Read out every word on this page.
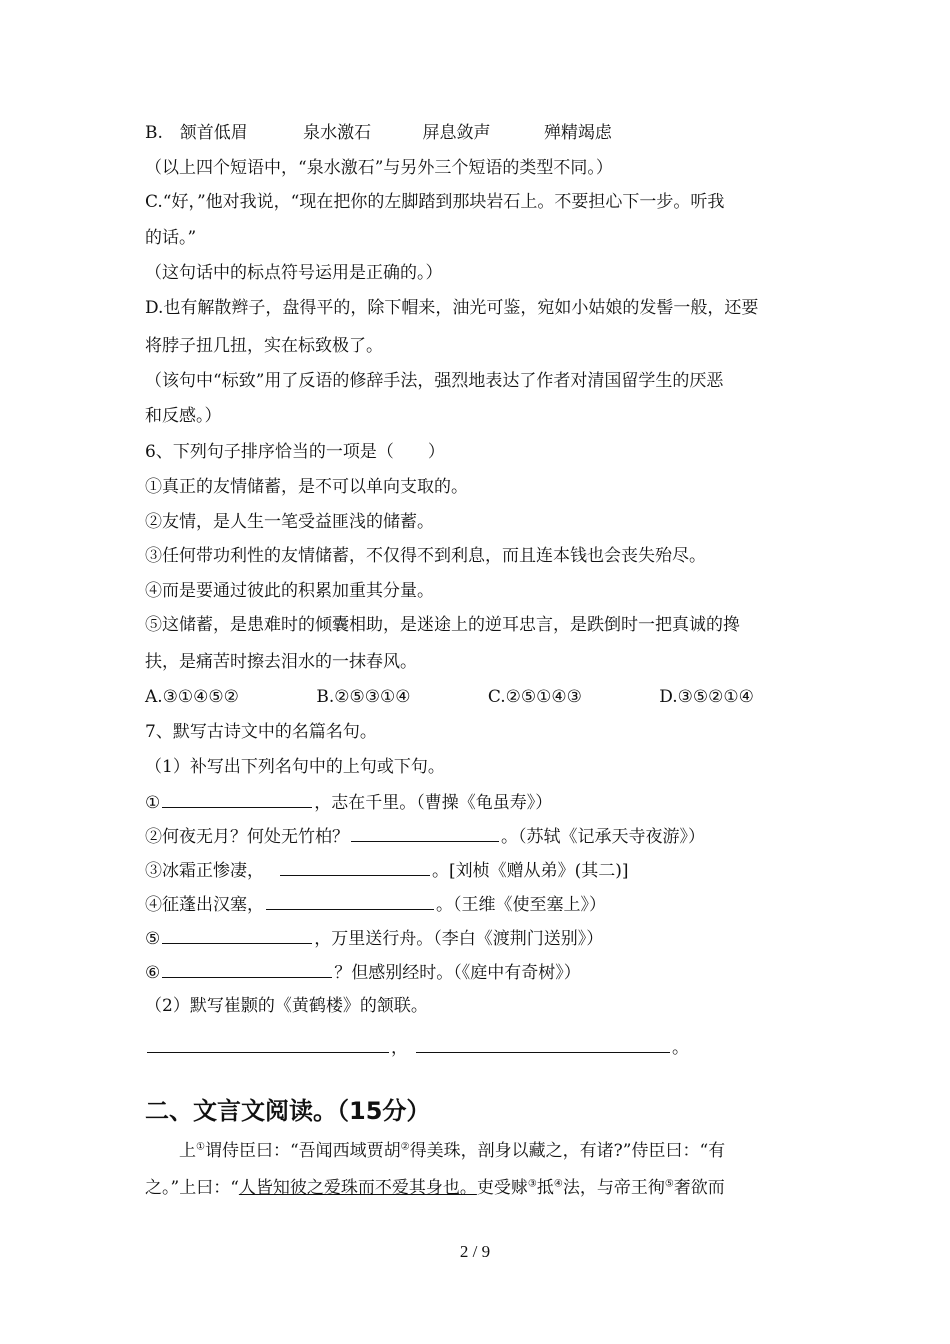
B. 颔首低眉	泉水激石	屏息敛声	殚精竭虑
（以上四个短语中，“泉水激石”与另外三个短语的类型不同。）
C.“好，”他对我说，“现在把你的左脚踏到那块岩石上。不要担心下一步。听我
的话。”
（这句话中的标点符号运用是正确的。）
D.也有解散辫子，盘得平的，除下帽来，油光可鉴，宛如小姑娘的发髻一般，还要
将脖子扭几扭，实在标致极了。
（该句中“标致”用了反语的修辞手法，强烈地表达了作者对清国留学生的厌恶
和反感。）
6、下列句子排序恰当的一项是（　　）
①真正的友情储蓄，是不可以单向支取的。
②友情，是人生一笔受益匪浅的储蓄。
③任何带功利性的友情储蓄，不仅得不到利息，而且连本钱也会丧失殆尽。
④而是要通过彼此的积累加重其分量。
⑤这储蓄，是患难时的倾囊相助，是迷途上的逆耳忠言，是跌倒时一把真诚的搀
扶，是痛苦时擦去泪水的一抹春风。
A.③①④⑤②	B.②⑤③①④	C.②⑤①④③	D.③⑤②①④
7、默写古诗文中的名篇名句。
（1）补写出下列名句中的上句或下句。
①	，志在千里。（曹操《龟虽寿》）
②何夜无月？何处无竹柏？	。（苏轼《记承天寺夜游》）
③冰霜正惨凄，	。[刘桢《赠从弟》(其二)]
④征蓬出汉塞，	。（王维《使至塞上》）
⑤	，万里送行舟。（李白《渡荆门送别》）
⑥	？但感别经时。（《庭中有奇树》）
（2）默写崔颢的《黄鹤楼》的颔联。
，	。
二、文言文阅读。（15分）
上①谓侍臣曰：“吾闻西域贾胡②得美珠，剖身以藏之，有诸?”侍臣曰：“有
之。”上曰：“人皆知彼之爱珠而不爱其身也。吏受赇③抵④法，与帝王徇⑤奢欲而
2 / 9
